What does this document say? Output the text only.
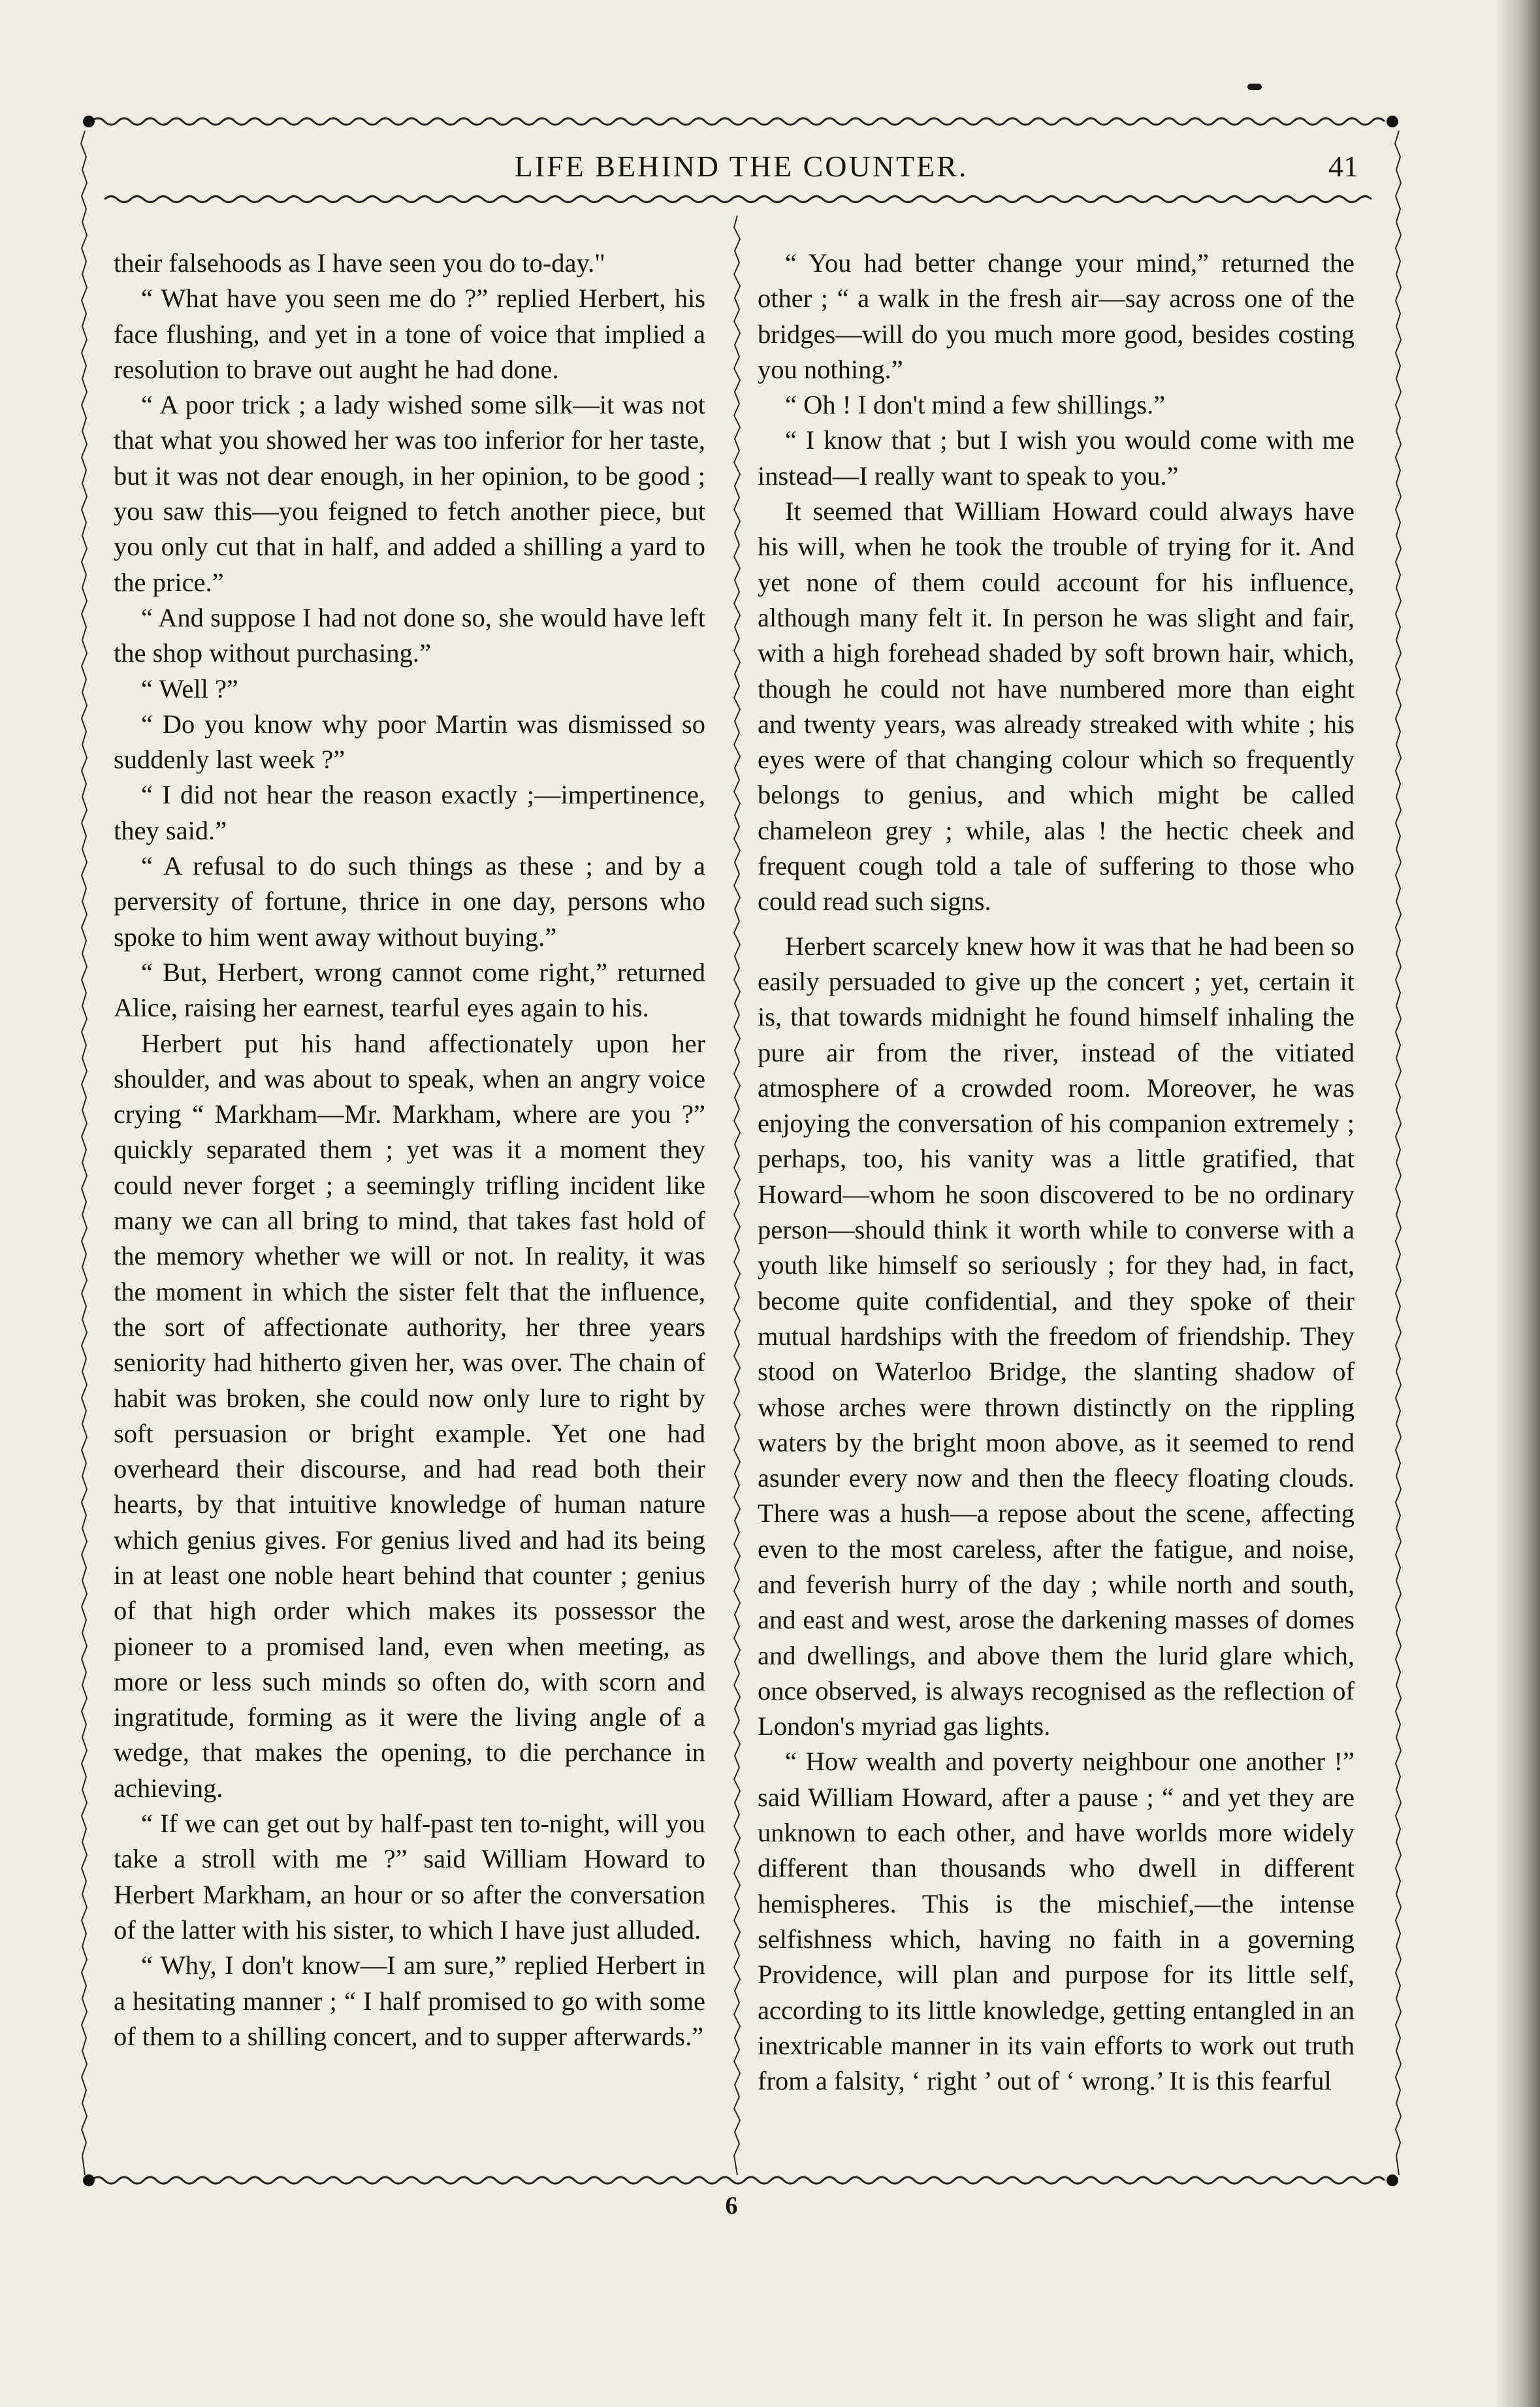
LIFE BEHIND THE COUNTER.	41

their falsehoods as I have seen you do to-day."

“ What have you seen me do ?” replied Herbert, his face flushing, and yet in a tone of voice that implied a resolution to brave out aught he had done.

“ A poor trick ; a lady wished some silk—it was not that what you showed her was too inferior for her taste, but it was not dear enough, in her opinion, to be good ; you saw this—you feigned to fetch another piece, but you only cut that in half, and added a shilling a yard to the price.”

“ And suppose I had not done so, she would have left the shop without purchasing.”

“ Well ?”

“ Do you know why poor Martin was dismissed so suddenly last week ?”

“ I did not hear the reason exactly ;—impertinence, they said.”

“ A refusal to do such things as these ; and by a perversity of fortune, thrice in one day, persons who spoke to him went away without buying.”

“ But, Herbert, wrong cannot come right,” returned Alice, raising her earnest, tearful eyes again to his.

Herbert put his hand affectionately upon her shoulder, and was about to speak, when an angry voice crying “ Markham—Mr. Markham, where are you ?” quickly separated them ; yet was it a moment they could never forget ; a seemingly trifling incident like many we can all bring to mind, that takes fast hold of the memory whether we will or not. In reality, it was the moment in which the sister felt that the influence, the sort of affectionate authority, her three years seniority had hitherto given her, was over. The chain of habit was broken, she could now only lure to right by soft persuasion or bright example. Yet one had overheard their discourse, and had read both their hearts, by that intuitive knowledge of human nature which genius gives. For genius lived and had its being in at least one noble heart behind that counter ; genius of that high order which makes its possessor the pioneer to a promised land, even when meeting, as more or less such minds so often do, with scorn and ingratitude, forming as it were the living angle of a wedge, that makes the opening, to die perchance in achieving.

“ If we can get out by half-past ten to-night, will you take a stroll with me ?” said William Howard to Herbert Markham, an hour or so after the conversation of the latter with his sister, to which I have just alluded.

“ Why, I don't know—I am sure,” replied Herbert in a hesitating manner ; “ I half promised to go with some of them to a shilling concert, and to supper afterwards.”

“ You had better change your mind,” returned the other ; “ a walk in the fresh air—say across one of the bridges—will do you much more good, besides costing you nothing.”

“ Oh ! I don't mind a few shillings.”

“ I know that ; but I wish you would come with me instead—I really want to speak to you.”

It seemed that William Howard could always have his will, when he took the trouble of trying for it. And yet none of them could account for his influence, although many felt it. In person he was slight and fair, with a high forehead shaded by soft brown hair, which, though he could not have numbered more than eight and twenty years, was already streaked with white ; his eyes were of that changing colour which so frequently belongs to genius, and which might be called chameleon grey ; while, alas ! the hectic cheek and frequent cough told a tale of suffering to those who could read such signs.

Herbert scarcely knew how it was that he had been so easily persuaded to give up the concert ; yet, certain it is, that towards midnight he found himself inhaling the pure air from the river, instead of the vitiated atmosphere of a crowded room. Moreover, he was enjoying the conversation of his companion extremely ; perhaps, too, his vanity was a little gratified, that Howard—whom he soon discovered to be no ordinary person—should think it worth while to converse with a youth like himself so seriously ; for they had, in fact, become quite confidential, and they spoke of their mutual hardships with the freedom of friendship. They stood on Waterloo Bridge, the slanting shadow of whose arches were thrown distinctly on the rippling waters by the bright moon above, as it seemed to rend asunder every now and then the fleecy floating clouds. There was a hush—a repose about the scene, affecting even to the most careless, after the fatigue, and noise, and feverish hurry of the day ; while north and south, and east and west, arose the darkening masses of domes and dwellings, and above them the lurid glare which, once observed, is always recognised as the reflection of London's myriad gas lights.

“ How wealth and poverty neighbour one another !” said William Howard, after a pause ; “ and yet they are unknown to each other, and have worlds more widely different than thousands who dwell in different hemispheres. This is the mischief,—the intense selfishness which, having no faith in a governing Providence, will plan and purpose for its little self, according to its little knowledge, getting entangled in an inextricable manner in its vain efforts to work out truth from a falsity, ‘ right ’ out of ‘ wrong.’ It is this fearful

6
